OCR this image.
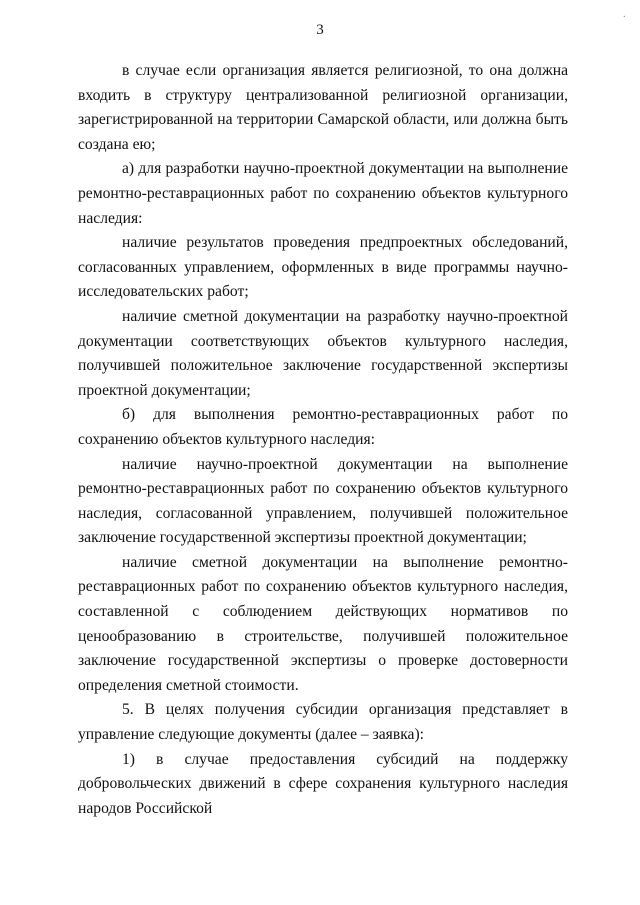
·
3

в случае если организация является религиозной, то она должна входить в структуру централизованной религиозной организации, зарегистрированной на территории Самарской области, или должна быть создана ею;

а) для разработки научно-проектной документации на выполнение ремонтно-реставрационных работ по сохранению объектов культурного наследия:

наличие результатов проведения предпроектных обследований, согласованных управлением, оформленных в виде программы научно-исследовательских работ;

наличие сметной документации на разработку научно-проектной документации соответствующих объектов культурного наследия, получившей положительное заключение государственной экспертизы проектной документации;

б) для выполнения ремонтно-реставрационных работ по сохранению объектов культурного наследия:

наличие научно-проектной документации на выполнение ремонтно-реставрационных работ по сохранению объектов культурного наследия, согласованной управлением, получившей положительное заключение государственной экспертизы проектной документации;

наличие сметной документации на выполнение ремонтно-реставрационных работ по сохранению объектов культурного наследия, составленной с соблюдением действующих нормативов по ценообразованию в строительстве, получившей положительное заключение государственной экспертизы о проверке достоверности определения сметной стоимости.

5. В целях получения субсидии организация представляет в управление следующие документы (далее – заявка):

1) в случае предоставления субсидий на поддержку добровольческих движений в сфере сохранения культурного наследия народов Российской
